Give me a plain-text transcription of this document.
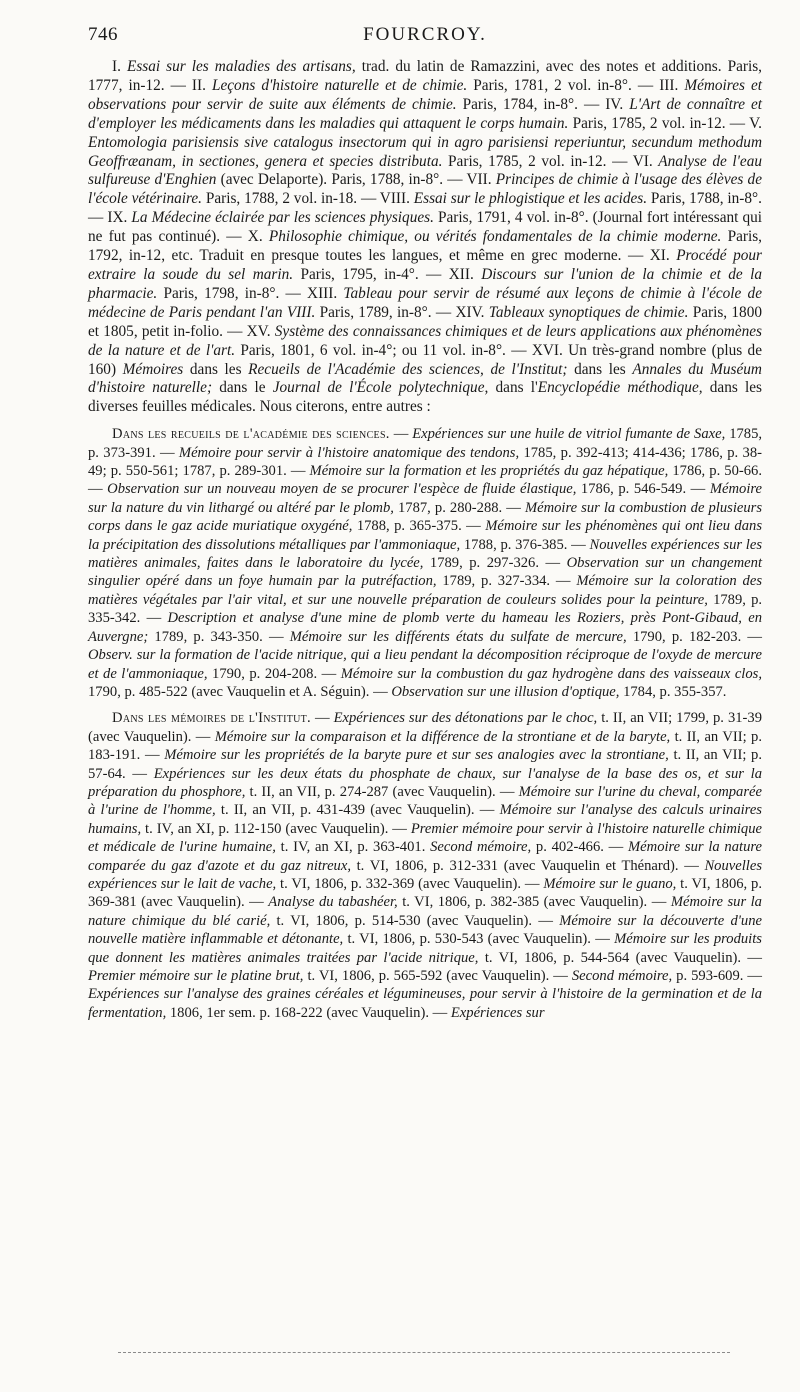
746	FOURCROY.

I. Essai sur les maladies des artisans, trad. du latin de Ramazzini, avec des notes et additions. Paris, 1777, in-12. — II. Leçons d'histoire naturelle et de chimie. Paris, 1781, 2 vol. in-8°. — III. Mémoires et observations pour servir de suite aux éléments de chimie. Paris, 1784, in-8°. — IV. L'Art de connaître et d'employer les médicaments dans les maladies qui attaquent le corps humain. Paris, 1785, 2 vol. in-12. — V. Entomologia parisiensis sive catalogus insectorum qui in agro parisiensi reperiuntur, secundum methodum Geoffræanam, in sectiones, genera et species distributa. Paris, 1785, 2 vol. in-12. — VI. Analyse de l'eau sulfureuse d'Enghien (avec Delaporte). Paris, 1788, in-8°. — VII. Principes de chimie à l'usage des élèves de l'école vétérinaire. Paris, 1788, 2 vol. in-18. — VIII. Essai sur le phlogistique et les acides. Paris, 1788, in-8°. — IX. La Médecine éclairée par les sciences physiques. Paris, 1791, 4 vol. in-8°. (Journal fort intéressant qui ne fut pas continué). — X. Philosophie chimique, ou vérités fondamentales de la chimie moderne. Paris, 1792, in-12, etc. Traduit en presque toutes les langues, et même en grec moderne. — XI. Procédé pour extraire la soude du sel marin. Paris, 1795, in-4°. — XII. Discours sur l'union de la chimie et de la pharmacie. Paris, 1798, in-8°. — XIII. Tableau pour servir de résumé aux leçons de chimie à l'école de médecine de Paris pendant l'an VIII. Paris, 1789, in-8°. — XIV. Tableaux synoptiques de chimie. Paris, 1800 et 1805, petit in-folio. — XV. Système des connaissances chimiques et de leurs applications aux phénomènes de la nature et de l'art. Paris, 1801, 6 vol. in-4°; ou 11 vol. in-8°. — XVI. Un très-grand nombre (plus de 160) Mémoires dans les Recueils de l'Académie des sciences, de l'Institut; dans les Annales du Muséum d'histoire naturelle; dans le Journal de l'École polytechnique, dans l'Encyclopédie méthodique, dans les diverses feuilles médicales. Nous citerons, entre autres :

Dans les recueils de l'académie des sciences. — Expériences sur une huile de vitriol fumante de Saxe, 1785, p. 373-391. — Mémoire pour servir à l'histoire anatomique des tendons, 1785, p. 392-413; 414-436; 1786, p. 38-49; p. 550-561; 1787, p. 289-301. — Mémoire sur la formation et les propriétés du gaz hépatique, 1786, p. 50-66. — Observation sur un nouveau moyen de se procurer l'espèce de fluide élastique, 1786, p. 546-549. — Mémoire sur la nature du vin lithargé ou altéré par le plomb, 1787, p. 280-288. — Mémoire sur la combustion de plusieurs corps dans le gaz acide muriatique oxygéné, 1788, p. 365-375. — Mémoire sur les phénomènes qui ont lieu dans la précipitation des dissolutions métalliques par l'ammoniaque, 1788, p. 376-385. — Nouvelles expériences sur les matières animales, faites dans le laboratoire du lycée, 1789, p. 297-326. — Observation sur un changement singulier opéré dans un foye humain par la putréfaction, 1789, p. 327-334. — Mémoire sur la coloration des matières végétales par l'air vital, et sur une nouvelle préparation de couleurs solides pour la peinture, 1789, p. 335-342. — Description et analyse d'une mine de plomb verte du hameau les Roziers, près Pont-Gibaud, en Auvergne; 1789, p. 343-350. — Mémoire sur les différents états du sulfate de mercure, 1790, p. 182-203. — Observ. sur la formation de l'acide nitrique, qui a lieu pendant la décomposition réciproque de l'oxyde de mercure et de l'ammoniaque, 1790, p. 204-208. — Mémoire sur la combustion du gaz hydrogène dans des vaisseaux clos, 1790, p. 485-522 (avec Vauquelin et A. Séguin). — Observation sur une illusion d'optique, 1784, p. 355-357.

Dans les mémoires de l'Institut. — Expériences sur des détonations par le choc, t. II, an VII; 1799, p. 31-39 (avec Vauquelin). — Mémoire sur la comparaison et la différence de la strontiane et de la baryte, t. II, an VII; p. 183-191. — Mémoire sur les propriétés de la baryte pure et sur ses analogies avec la strontiane, t. II, an VII; p. 57-64. — Expériences sur les deux états du phosphate de chaux, sur l'analyse de la base des os, et sur la préparation du phosphore, t. II, an VII, p. 274-287 (avec Vauquelin). — Mémoire sur l'urine du cheval, comparée à l'urine de l'homme, t. II, an VII, p. 431-439 (avec Vauquelin). — Mémoire sur l'analyse des calculs urinaires humains, t. IV, an XI, p. 112-150 (avec Vauquelin). — Premier mémoire pour servir à l'histoire naturelle chimique et médicale de l'urine humaine, t. IV, an XI, p. 363-401. Second mémoire, p. 402-466. — Mémoire sur la nature comparée du gaz d'azote et du gaz nitreux, t. VI, 1806, p. 312-331 (avec Vauquelin et Thénard). — Nouvelles expériences sur le lait de vache, t. VI, 1806, p. 332-369 (avec Vauquelin). — Mémoire sur le guano, t. VI, 1806, p. 369-381 (avec Vauquelin). — Analyse du tabashéer, t. VI, 1806, p. 382-385 (avec Vauquelin). — Mémoire sur la nature chimique du blé carié, t. VI, 1806, p. 514-530 (avec Vauquelin). — Mémoire sur la découverte d'une nouvelle matière inflammable et détonante, t. VI, 1806, p. 530-543 (avec Vauquelin). — Mémoire sur les produits que donnent les matières animales traitées par l'acide nitrique, t. VI, 1806, p. 544-564 (avec Vauquelin). — Premier mémoire sur le platine brut, t. VI, 1806, p. 565-592 (avec Vauquelin). — Second mémoire, p. 593-609. — Expériences sur l'analyse des graines céréales et légumineuses, pour servir à l'histoire de la germination et de la fermentation, 1806, 1er sem. p. 168-222 (avec Vauquelin). — Expériences sur
